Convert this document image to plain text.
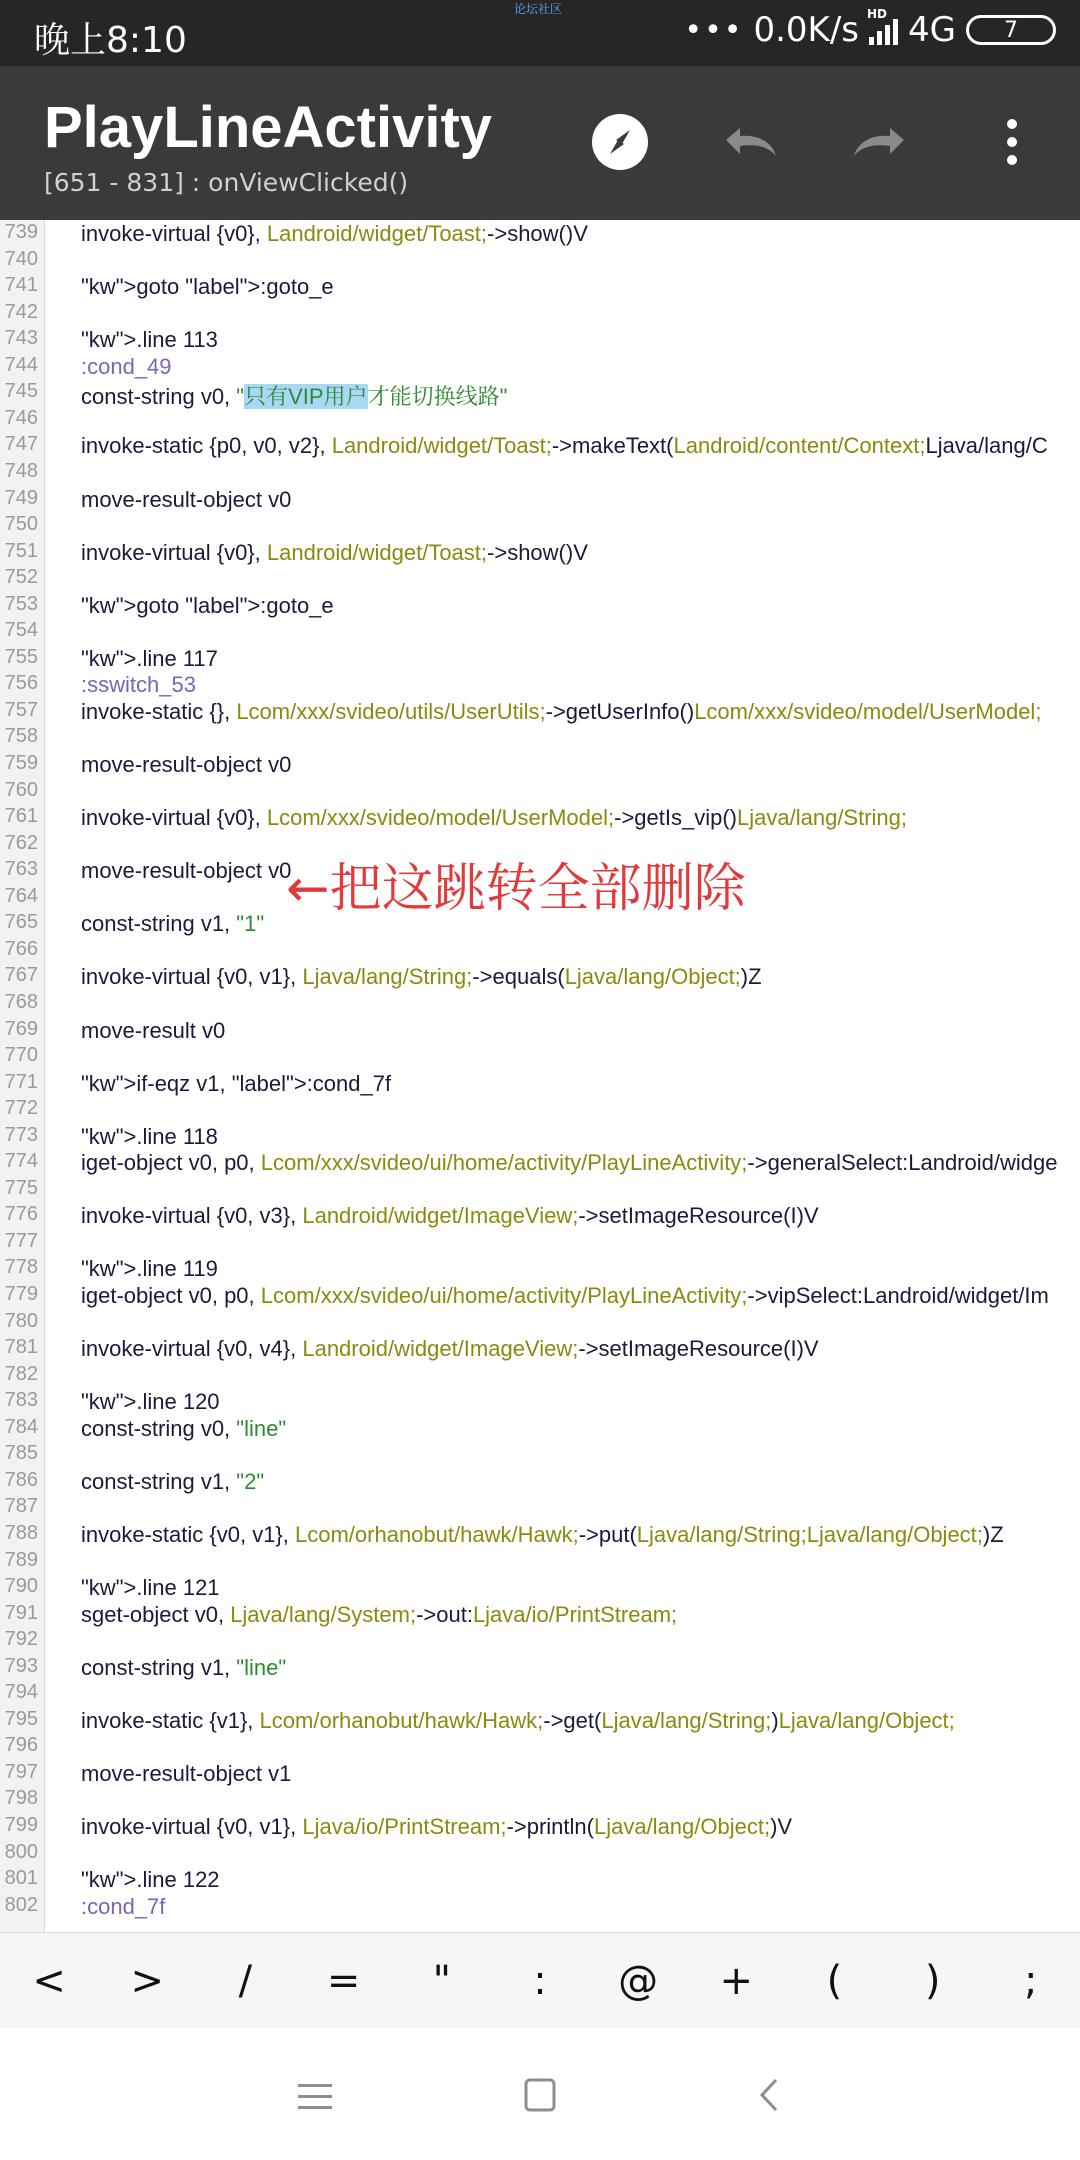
晚上8:10
论坛社区
••• 0.0K/s HD 4G 7
PlayLineActivity
[651 - 831] : onViewClicked()
739 invoke-virtual {v0}, Landroid/widget/Toast;->show()V
740
741 "kw">goto "label">:goto_e
742
743 "kw">.line 113
744 :cond_49
745 const-string v0, "只有VIP用户才能切换线路"
746
747 invoke-static {p0, v0, v2}, Landroid/widget/Toast;->makeText(Landroid/content/Context;Ljava/lang/C
748
749 move-result-object v0
750
751 invoke-virtual {v0}, Landroid/widget/Toast;->show()V
752
753 "kw">goto "label">:goto_e
754
755 "kw">.line 117
756 :sswitch_53
757 invoke-static {}, Lcom/xxx/svideo/utils/UserUtils;->getUserInfo()Lcom/xxx/svideo/model/UserModel;
758
759 move-result-object v0
760
761 invoke-virtual {v0}, Lcom/xxx/svideo/model/UserModel;->getIs_vip()Ljava/lang/String;
762
763 move-result-object v0
764
765 const-string v1, "1"
766
767 invoke-virtual {v0, v1}, Ljava/lang/String;->equals(Ljava/lang/Object;)Z
768
769 move-result v0
770
771 "kw">if-eqz v1, "label">:cond_7f
772
773 "kw">.line 118
774 iget-object v0, p0, Lcom/xxx/svideo/ui/home/activity/PlayLineActivity;->generalSelect:Landroid/widge
775
776 invoke-virtual {v0, v3}, Landroid/widget/ImageView;->setImageResource(I)V
777
778 "kw">.line 119
779 iget-object v0, p0, Lcom/xxx/svideo/ui/home/activity/PlayLineActivity;->vipSelect:Landroid/widget/Im
780
781 invoke-virtual {v0, v4}, Landroid/widget/ImageView;->setImageResource(I)V
782
783 "kw">.line 120
784 const-string v0, "line"
785
786 const-string v1, "2"
787
788 invoke-static {v0, v1}, Lcom/orhanobut/hawk/Hawk;->put(Ljava/lang/String;Ljava/lang/Object;)Z
789
790 "kw">.line 121
791 sget-object v0, Ljava/lang/System;->out:Ljava/io/PrintStream;
792
793 const-string v1, "line"
794
795 invoke-static {v1}, Lcom/orhanobut/hawk/Hawk;->get(Ljava/lang/String;)Ljava/lang/Object;
796
797 move-result-object v1
798
799 invoke-virtual {v0, v1}, Ljava/io/PrintStream;->println(Ljava/lang/Object;)V
800
801 "kw">.line 122
802 :cond_7f
←把这跳转全部删除
<	>	/	=	"	:	@	+	(	)	;
